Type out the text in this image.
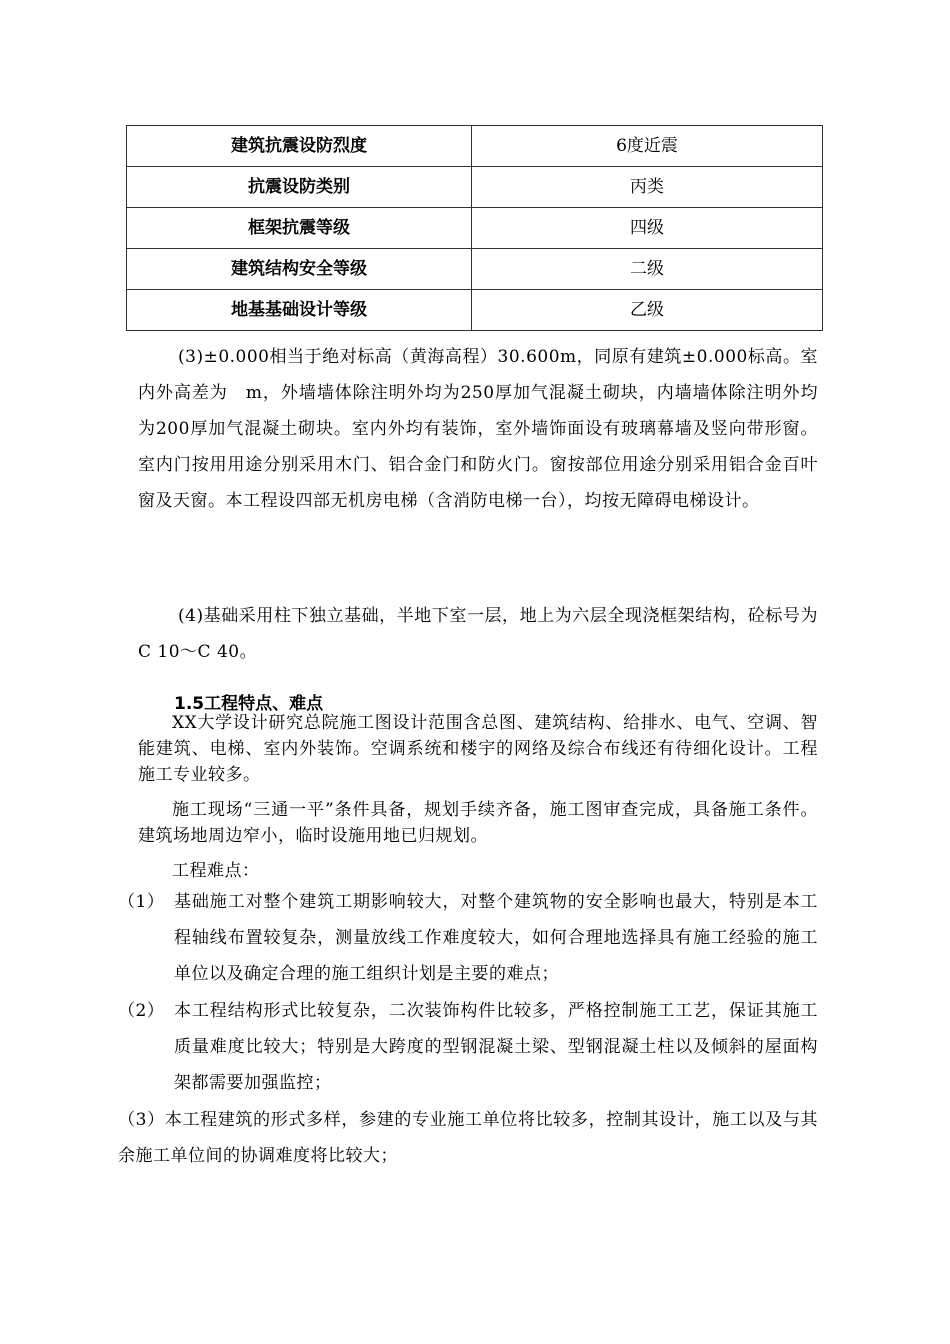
建筑抗震设防烈度	6度近震
抗震设防类别	丙类
框架抗震等级	四级
建筑结构安全等级	二级
地基基础设计等级	乙级

(3)±0.000相当于绝对标高（黄海高程）30.600m，同原有建筑±0.000标高。室内外高差为　m，外墙墙体除注明外均为250厚加气混凝土砌块，内墙墙体除注明外均为200厚加气混凝土砌块。室内外均有装饰，室外墙饰面设有玻璃幕墙及竖向带形窗。室内门按用用途分别采用木门、铝合金门和防火门。窗按部位用途分别采用铝合金百叶窗及天窗。本工程设四部无机房电梯（含消防电梯一台），均按无障碍电梯设计。

(4)基础采用柱下独立基础，半地下室一层，地上为六层全现浇框架结构，砼标号为C 10～C 40。

1.5工程特点、难点

XX大学设计研究总院施工图设计范围含总图、建筑结构、给排水、电气、空调、智能建筑、电梯、室内外装饰。空调系统和楼宇的网络及综合布线还有待细化设计。工程施工专业较多。

施工现场“三通一平”条件具备，规划手续齐备，施工图审查完成，具备施工条件。建筑场地周边窄小，临时设施用地已归规划。

工程难点：

（1） 基础施工对整个建筑工期影响较大，对整个建筑物的安全影响也最大，特别是本工程轴线布置较复杂，测量放线工作难度较大，如何合理地选择具有施工经验的施工单位以及确定合理的施工组织计划是主要的难点；
（2） 本工程结构形式比较复杂，二次装饰构件比较多，严格控制施工工艺，保证其施工质量难度比较大；特别是大跨度的型钢混凝土梁、型钢混凝土柱以及倾斜的屋面构架都需要加强监控；
（3）本工程建筑的形式多样，参建的专业施工单位将比较多，控制其设计，施工以及与其余施工单位间的协调难度将比较大；
